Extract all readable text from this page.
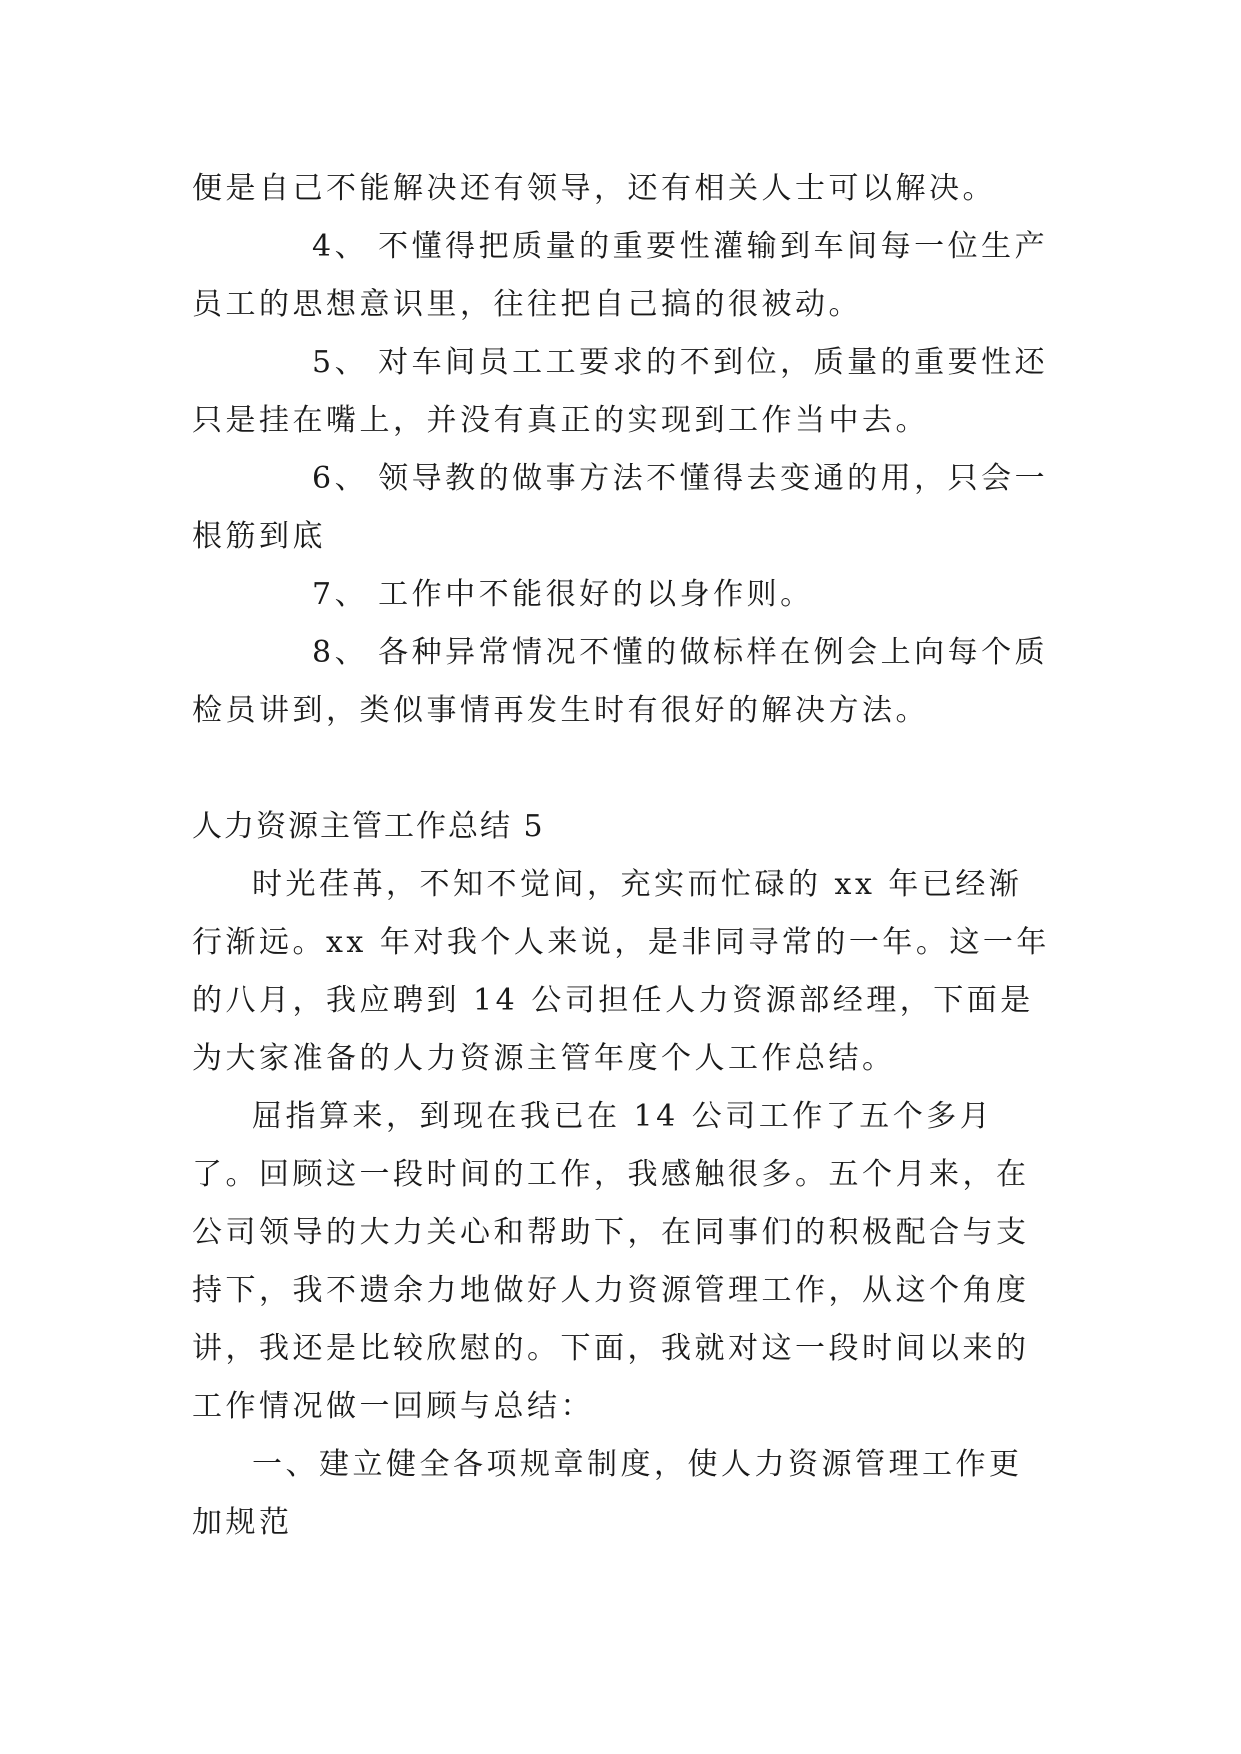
便是自己不能解决还有领导，还有相关人士可以解决。

4、 不懂得把质量的重要性灌输到车间每一位生产员工的思想意识里，往往把自己搞的很被动。

5、 对车间员工工要求的不到位，质量的重要性还只是挂在嘴上，并没有真正的实现到工作当中去。

6、 领导教的做事方法不懂得去变通的用，只会一根筋到底

7、 工作中不能很好的以身作则。

8、 各种异常情况不懂的做标样在例会上向每个质检员讲到，类似事情再发生时有很好的解决方法。

人力资源主管工作总结 5

时光荏苒，不知不觉间，充实而忙碌的 xx 年已经渐行渐远。xx 年对我个人来说，是非同寻常的一年。这一年的八月，我应聘到 14 公司担任人力资源部经理，下面是为大家准备的人力资源主管年度个人工作总结。

屈指算来，到现在我已在 14 公司工作了五个多月了。回顾这一段时间的工作，我感触很多。五个月来，在公司领导的大力关心和帮助下，在同事们的积极配合与支持下，我不遗余力地做好人力资源管理工作，从这个角度讲，我还是比较欣慰的。下面，我就对这一段时间以来的工作情况做一回顾与总结：

一、建立健全各项规章制度，使人力资源管理工作更加规范
